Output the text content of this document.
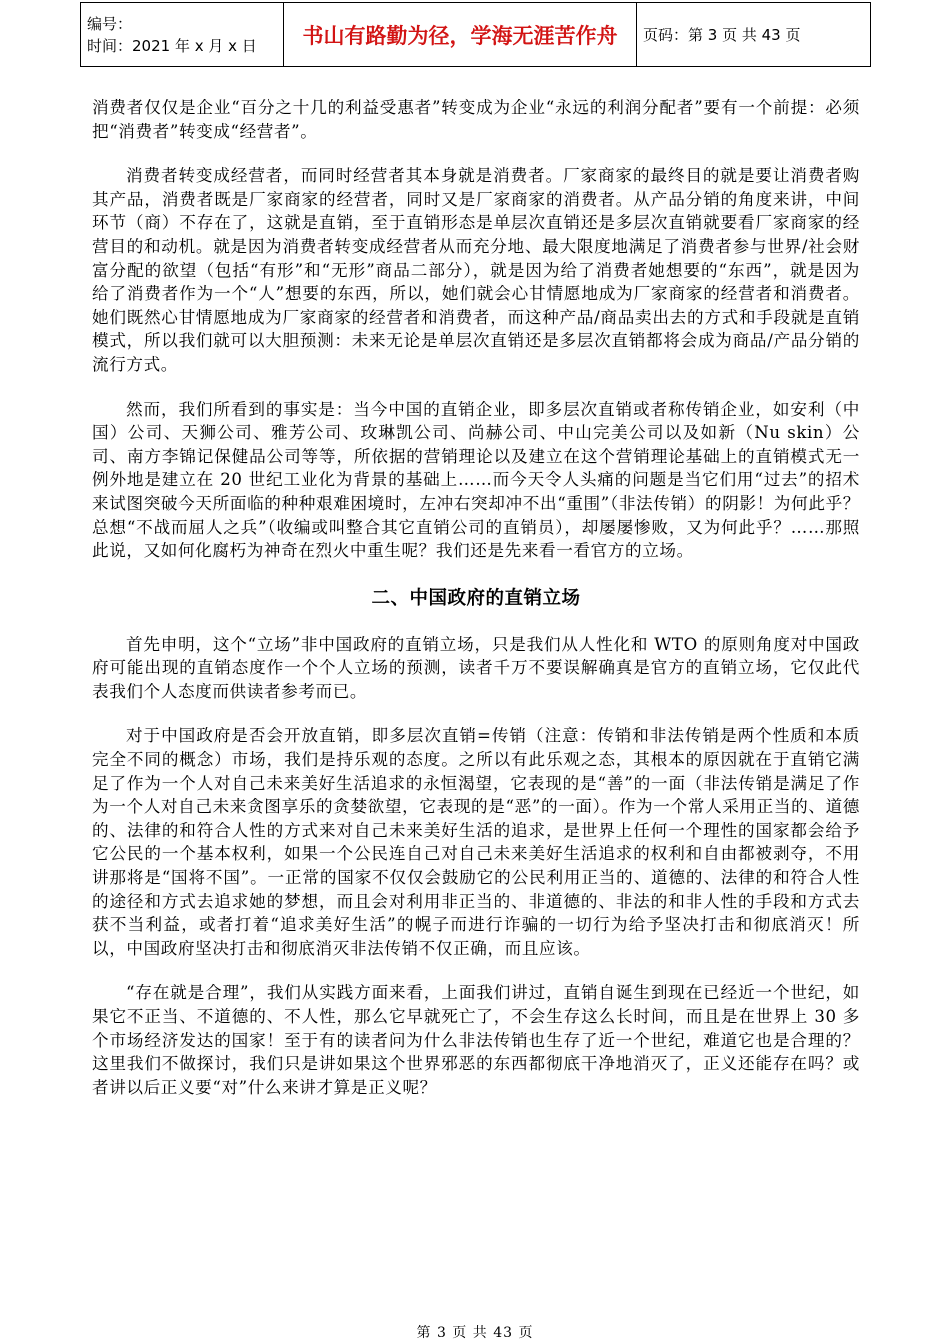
编号：
时间：2021 年 x 月 x 日	书山有路勤为径，学海无涯苦作舟	页码：第 3 页 共 43 页

消费者仅仅是企业“百分之十几的利益受惠者”转变成为企业“永远的利润分配者”要有一个前提：必须把“消费者”转变成“经营者”。

消费者转变成经营者，而同时经营者其本身就是消费者。厂家商家的最终目的就是要让消费者购其产品，消费者既是厂家商家的经营者，同时又是厂家商家的消费者。从产品分销的角度来讲，中间环节（商）不存在了，这就是直销，至于直销形态是单层次直销还是多层次直销就要看厂家商家的经营目的和动机。就是因为消费者转变成经营者从而充分地、最大限度地满足了消费者参与世界/社会财富分配的欲望（包括“有形”和“无形”商品二部分），就是因为给了消费者她想要的“东西”，就是因为给了消费者作为一个“人”想要的东西，所以，她们就会心甘情愿地成为厂家商家的经营者和消费者。她们既然心甘情愿地成为厂家商家的经营者和消费者，而这种产品/商品卖出去的方式和手段就是直销模式，所以我们就可以大胆预测：未来无论是单层次直销还是多层次直销都将会成为商品/产品分销的流行方式。

然而，我们所看到的事实是：当今中国的直销企业，即多层次直销或者称传销企业，如安利（中国）公司、天狮公司、雅芳公司、玫琳凯公司、尚赫公司、中山完美公司以及如新（Nu skin）公司、南方李锦记保健品公司等等，所依据的营销理论以及建立在这个营销理论基础上的直销模式无一例外地是建立在 20 世纪工业化为背景的基础上……而今天令人头痛的问题是当它们用“过去”的招术来试图突破今天所面临的种种艰难困境时，左冲右突却冲不出“重围”（非法传销）的阴影！为何此乎？总想“不战而屈人之兵”（收编或叫整合其它直销公司的直销员），却屡屡惨败，又为何此乎？……那照此说，又如何化腐朽为神奇在烈火中重生呢？我们还是先来看一看官方的立场。

二、中国政府的直销立场

首先申明，这个“立场”非中国政府的直销立场，只是我们从人性化和 WTO 的原则角度对中国政府可能出现的直销态度作一个个人立场的预测，读者千万不要误解确真是官方的直销立场，它仅此代表我们个人态度而供读者参考而已。

对于中国政府是否会开放直销，即多层次直销=传销（注意：传销和非法传销是两个性质和本质完全不同的概念）市场，我们是持乐观的态度。之所以有此乐观之态，其根本的原因就在于直销它满足了作为一个人对自己未来美好生活追求的永恒渴望，它表现的是“善”的一面（非法传销是满足了作为一个人对自己未来贪图享乐的贪婪欲望，它表现的是“恶”的一面）。作为一个常人采用正当的、道德的、法律的和符合人性的方式来对自己未来美好生活的追求，是世界上任何一个理性的国家都会给予它公民的一个基本权利，如果一个公民连自己对自己未来美好生活追求的权利和自由都被剥夺，不用讲那将是“国将不国”。一正常的国家不仅仅会鼓励它的公民利用正当的、道德的、法律的和符合人性的途径和方式去追求她的梦想，而且会对利用非正当的、非道德的、非法的和非人性的手段和方式去获不当利益，或者打着“追求美好生活”的幌子而进行诈骗的一切行为给予坚决打击和彻底消灭！所以，中国政府坚决打击和彻底消灭非法传销不仅正确，而且应该。

“存在就是合理”，我们从实践方面来看，上面我们讲过，直销自诞生到现在已经近一个世纪，如果它不正当、不道德的、不人性，那么它早就死亡了，不会生存这么长时间，而且是在世界上 30 多个市场经济发达的国家！至于有的读者问为什么非法传销也生存了近一个世纪，难道它也是合理的？这里我们不做探讨，我们只是讲如果这个世界邪恶的东西都彻底干净地消灭了，正义还能存在吗？或者讲以后正义要“对”什么来讲才算是正义呢？

第 3 页 共 43 页
